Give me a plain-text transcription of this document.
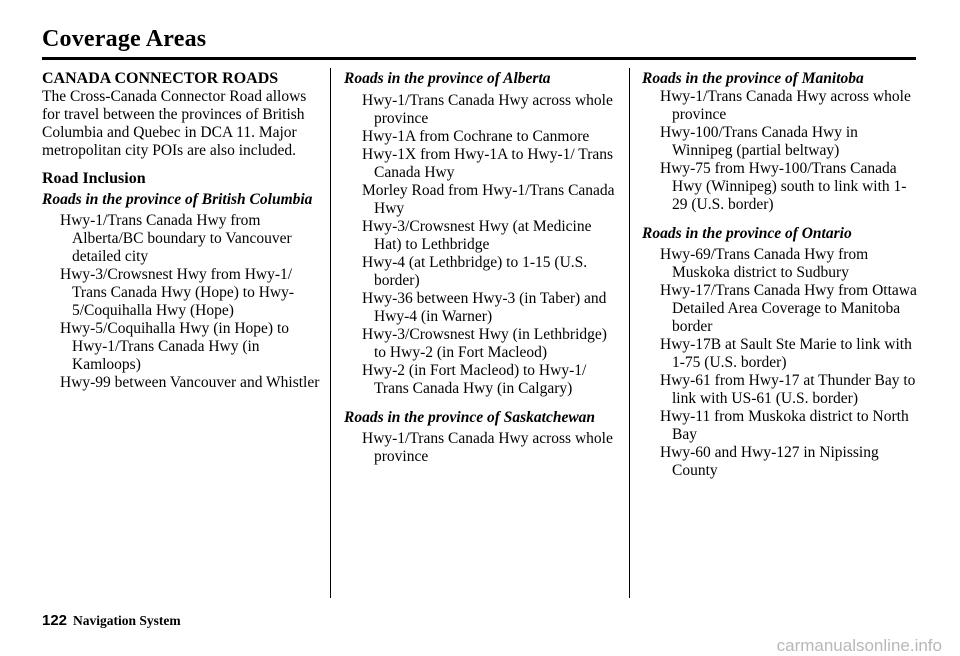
Coverage Areas
CANADA CONNECTOR ROADS

The Cross-Canada Connector Road allows for travel between the provinces of British Columbia and Quebec in DCA 11. Major metropolitan city POIs are also included.

Road Inclusion
Roads in the province of British Columbia
Hwy-1/Trans Canada Hwy from Alberta/BC boundary to Vancouver detailed city
Hwy-3/Crowsnest Hwy from Hwy-1/ Trans Canada Hwy (Hope) to Hwy-5/Coquihalla Hwy (Hope)
Hwy-5/Coquihalla Hwy (in Hope) to Hwy-1/Trans Canada Hwy (in Kamloops)
Hwy-99 between Vancouver and Whistler
Roads in the province of Alberta
Hwy-1/Trans Canada Hwy across whole province
Hwy-1A from Cochrane to Canmore
Hwy-1X from Hwy-1A to Hwy-1/ Trans Canada Hwy
Morley Road from Hwy-1/Trans Canada Hwy
Hwy-3/Crowsnest Hwy (at Medicine Hat) to Lethbridge
Hwy-4 (at Lethbridge) to 1-15 (U.S. border)
Hwy-36 between Hwy-3 (in Taber) and Hwy-4 (in Warner)
Hwy-3/Crowsnest Hwy (in Lethbridge) to Hwy-2 (in Fort Macleod)
Hwy-2 (in Fort Macleod) to Hwy-1/ Trans Canada Hwy (in Calgary)
Roads in the province of Saskatchewan
Hwy-1/Trans Canada Hwy across whole province
Roads in the province of Manitoba
Hwy-1/Trans Canada Hwy across whole province
Hwy-100/Trans Canada Hwy in Winnipeg (partial beltway)
Hwy-75 from Hwy-100/Trans Canada Hwy (Winnipeg) south to link with 1-29 (U.S. border)
Roads in the province of Ontario
Hwy-69/Trans Canada Hwy from Muskoka district to Sudbury
Hwy-17/Trans Canada Hwy from Ottawa Detailed Area Coverage to Manitoba border
Hwy-17B at Sault Ste Marie to link with 1-75 (U.S. border)
Hwy-61 from Hwy-17 at Thunder Bay to link with US-61 (U.S. border)
Hwy-11 from Muskoka district to North Bay
Hwy-60 and Hwy-127 in Nipissing County
122 Navigation System
carmanualsonline.info
